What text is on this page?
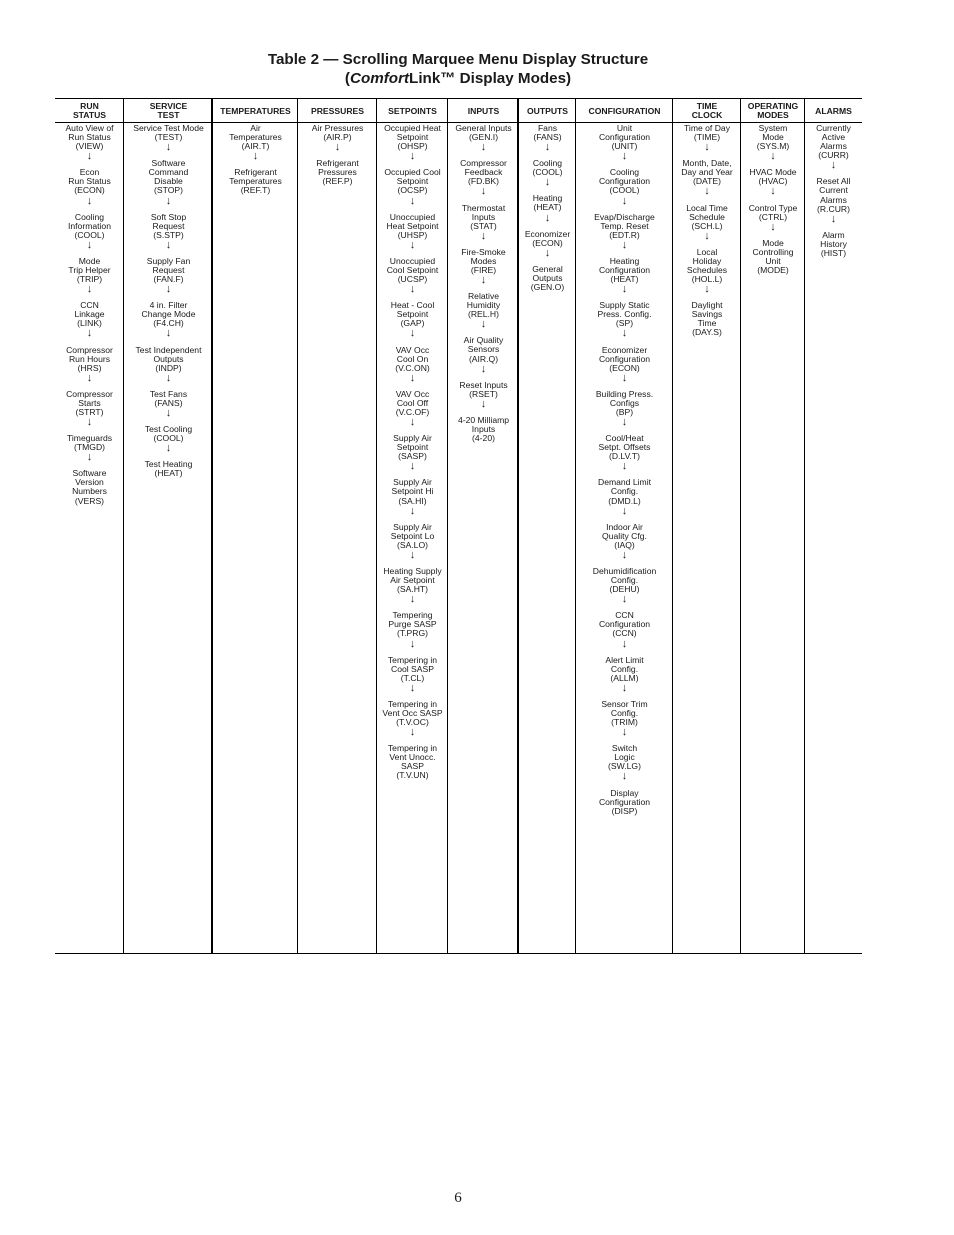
Table 2 — Scrolling Marquee Menu Display Structure
(ComfortLink™ Display Modes)
RUN
STATUS
Auto View of
Run Status
(VIEW)
↓
Econ
Run Status
(ECON)
↓
Cooling
Information
(COOL)
↓
Mode
Trip Helper
(TRIP)
↓
CCN
Linkage
(LINK)
↓
Compressor
Run Hours
(HRS)
↓
Compressor
Starts
(STRT)
↓
Timeguards
(TMGD)
↓
Software
Version
Numbers
(VERS)
SERVICE
TEST
Service Test Mode
(TEST)
↓
Software
Command
Disable
(STOP)
↓
Soft Stop
Request
(S.STP)
↓
Supply Fan
Request
(FAN.F)
↓
4 in. Filter
Change Mode
(F4.CH)
↓
Test Independent
Outputs
(INDP)
↓
Test Fans
(FANS)
↓
Test Cooling
(COOL)
↓
Test Heating
(HEAT)
TEMPERATURES
Air
Temperatures
(AIR.T)
↓
Refrigerant
Temperatures
(REF.T)
PRESSURES
Air Pressures
(AIR.P)
↓
Refrigerant
Pressures
(REF.P)
SETPOINTS
Occupied Heat
Setpoint
(OHSP)
↓
Occupied Cool
Setpoint
(OCSP)
↓
Unoccupied
Heat Setpoint
(UHSP)
↓
Unoccupied
Cool Setpoint
(UCSP)
↓
Heat - Cool
Setpoint
(GAP)
↓
VAV Occ
Cool On
(V.C.ON)
↓
VAV Occ
Cool Off
(V.C.OF)
↓
Supply Air
Setpoint
(SASP)
↓
Supply Air
Setpoint Hi
(SA.HI)
↓
Supply Air
Setpoint Lo
(SA.LO)
↓
Heating Supply
Air Setpoint
(SA.HT)
↓
Tempering
Purge SASP
(T.PRG)
↓
Tempering in
Cool SASP
(T.CL)
↓
Tempering in
Vent Occ SASP
(T.V.OC)
↓
Tempering in
Vent Unocc.
SASP
(T.V.UN)
INPUTS
General Inputs
(GEN.I)
↓
Compressor
Feedback
(FD.BK)
↓
Thermostat
Inputs
(STAT)
↓
Fire-Smoke
Modes
(FIRE)
↓
Relative
Humidity
(REL.H)
↓
Air Quality
Sensors
(AIR.Q)
↓
Reset Inputs
(RSET)
↓
4-20 Milliamp
Inputs
(4-20)
OUTPUTS
Fans
(FANS)
↓
Cooling
(COOL)
↓
Heating
(HEAT)
↓
Economizer
(ECON)
↓
General
Outputs
(GEN.O)
CONFIGURATION
Unit
Configuration
(UNIT)
↓
Cooling
Configuration
(COOL)
↓
Evap/Discharge
Temp. Reset
(EDT.R)
↓
Heating
Configuration
(HEAT)
↓
Supply Static
Press. Config.
(SP)
↓
Economizer
Configuration
(ECON)
↓
Building Press.
Configs
(BP)
↓
Cool/Heat
Setpt. Offsets
(D.LV.T)
↓
Demand Limit
Config.
(DMD.L)
↓
Indoor Air
Quality Cfg.
(IAQ)
↓
Dehumidification
Config.
(DEHU)
↓
CCN
Configuration
(CCN)
↓
Alert Limit
Config.
(ALLM)
↓
Sensor Trim
Config.
(TRIM)
↓
Switch
Logic
(SW.LG)
↓
Display
Configuration
(DISP)
TIME
CLOCK
Time of Day
(TIME)
↓
Month, Date,
Day and Year
(DATE)
↓
Local Time
Schedule
(SCH.L)
↓
Local
Holiday
Schedules
(HOL.L)
↓
Daylight
Savings
Time
(DAY.S)
OPERATING
MODES
System
Mode
(SYS.M)
↓
HVAC Mode
(HVAC)
↓
Control Type
(CTRL)
↓
Mode
Controlling
Unit
(MODE)
ALARMS
Currently
Active
Alarms
(CURR)
↓
Reset All
Current
Alarms
(R.CUR)
↓
Alarm
History
(HIST)
6
